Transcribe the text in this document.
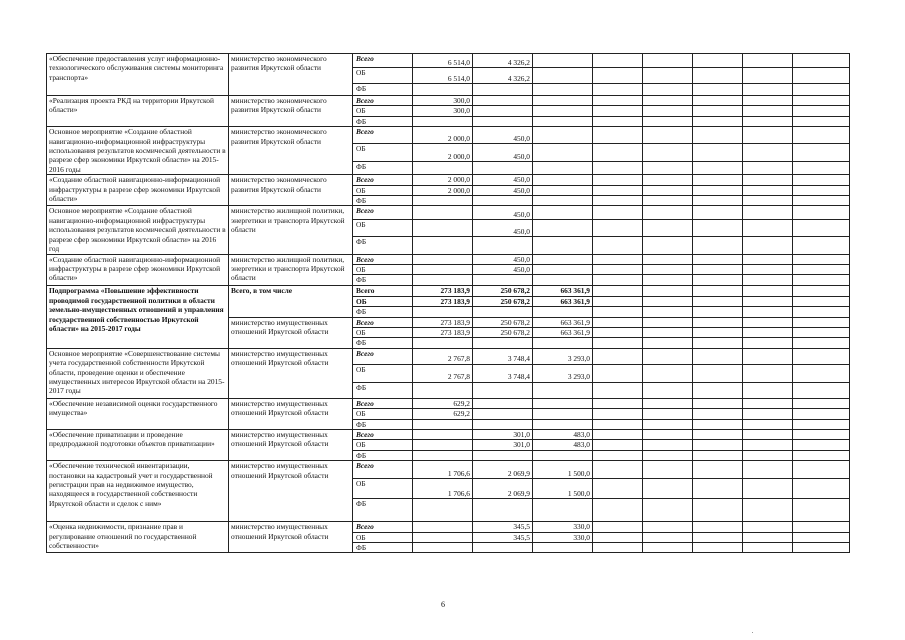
«Обеспечение предоставления услуг информационно-технологического обслуживания системы мониторинга транспорта»	министерство экономического развития Иркутской области	Всего	6 514,0	4 326,2						
		ОБ	6 514,0	4 326,2						
		ФБ								
«Реализация проекта РКД на территории Иркутской области»	министерство экономического развития Иркутской области	Всего	300,0							
		ОБ	300,0							
		ФБ								
Основное мероприятие «Создание областной навигационно-информационной инфраструктуры использования результатов космической деятельности в разрезе сфер экономики Иркутской области» на 2015-2016 годы	министерство экономического развития Иркутской области	Всего	2 000,0	450,0						
		ОБ	2 000,0	450,0						
		ФБ								
«Создание областной навигационно-информационной инфраструктуры в разрезе сфер экономики Иркутской области»	министерство экономического развития Иркутской области	Всего	2 000,0	450,0						
		ОБ	2 000,0	450,0						
		ФБ								
Основное мероприятие «Создание областной навигационно-информационной инфраструктуры использования результатов космической деятельности в разрезе сфер экономики Иркутской области» на 2016 год	министерство жилищной политики, энергетики и транспорта Иркутской области	Всего		450,0						
		ОБ		450,0						
		ФБ								
«Создание областной навигационно-информационной инфраструктуры в разрезе сфер экономики Иркутской области»	министерство жилищной политики, энергетики и транспорта Иркутской области	Всего		450,0						
		ОБ		450,0						
		ФБ								
Подпрограмма «Повышение эффективности проводимой государственной политики в области земельно-имущественных отношений и управления государственной собственностью Иркутской области» на 2015-2017 годы	Всего, в том числе	Всего	273 183,9	250 678,2	663 361,9					
		ОБ	273 183,9	250 678,2	663 361,9					
		ФБ								
	министерство имущественных отношений Иркутской области	Всего	273 183,9	250 678,2	663 361,9					
		ОБ	273 183,9	250 678,2	663 361,9					
		ФБ								
Основное мероприятие «Совершенствование системы учета государственной собственности Иркутской области, проведение оценки и обеспечение имущественных интересов Иркутской области на 2015-2017 годы	министерство имущественных отношений Иркутской области	Всего	2 767,8	3 748,4	3 293,0					
		ОБ	2 767,8	3 748,4	3 293,0					
		ФБ								
«Обеспечение независимой оценки государственного имущества»	министерство имущественных отношений Иркутской области	Всего	629,2							
		ОБ	629,2							
		ФБ								
«Обеспечение приватизации и проведение предпродажной подготовки объектов приватизации»	министерство имущественных отношений Иркутской области	Всего		301,0	483,0					
		ОБ		301,0	483,0					
		ФБ								
«Обеспечение технической инвентаризации, постановки на кадастровый учет и государственной регистрации прав на недвижимое имущество, находящееся в государственной собственности Иркутской области и сделок с ним»	министерство имущественных отношений Иркутской области	Всего	1 706,6	2 069,9	1 500,0					
		ОБ	1 706,6	2 069,9	1 500,0					
		ФБ								
«Оценка недвижимости, признание прав и регулирование отношений по государственной собственности»	министерство имущественных отношений Иркутской области	Всего		345,5	330,0					
		ОБ		345,5	330,0					
		ФБ								
6
